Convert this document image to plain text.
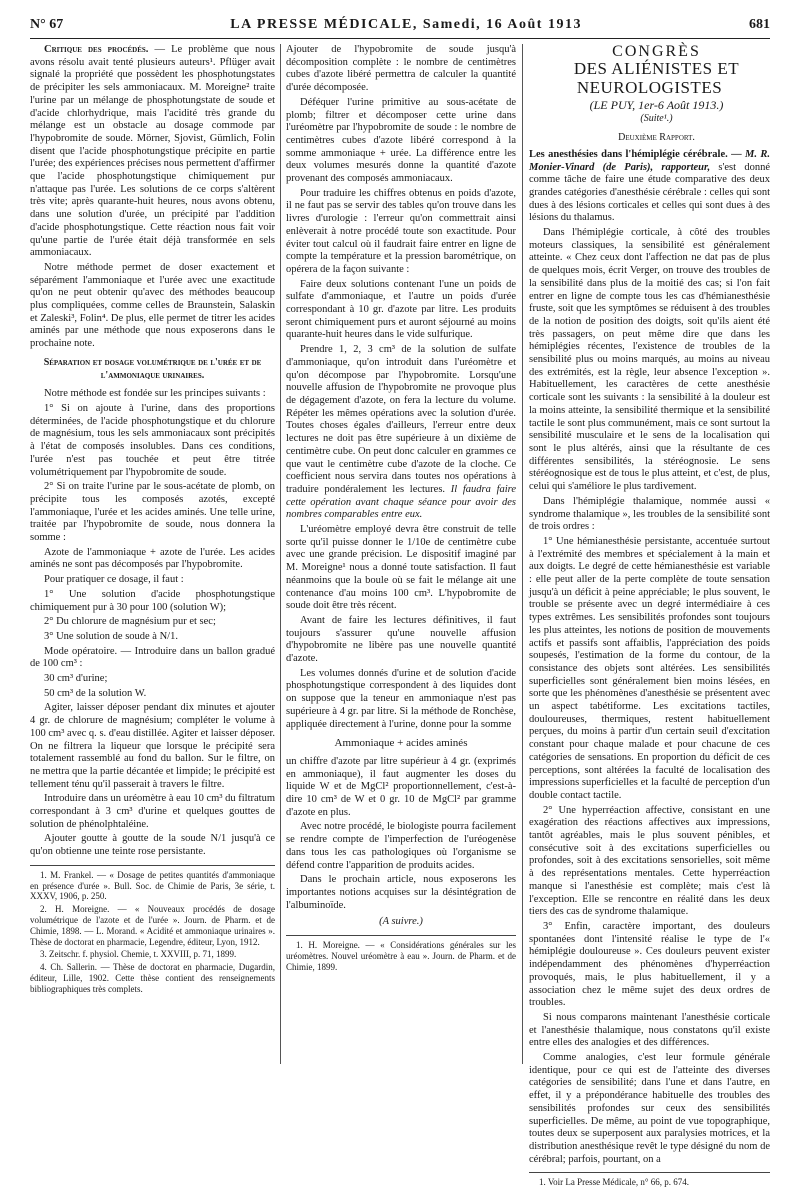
N° 67	LA PRESSE MÉDICALE, Samedi, 16 Août 1913	681

Critique des procédés. — Le problème que nous avons résolu avait tenté plusieurs auteurs¹. Pflüger avait signalé la propriété que possèdent les phosphotungstates de précipiter les sels ammoniacaux. M. Moreigne² traite l'urine par un mélange de phosphotungstate de soude et d'acide chlorhydrique, mais l'acidité très grande du mélange est un obstacle au dosage commode par l'hypobromite de soude. Mörner, Sjovist, Gümlich, Folin disent que l'acide phosphotungstique précipite en partie l'urée; des expériences précises nous permettent d'affirmer que l'acide phosphotungstique chimiquement pur n'attaque pas l'urée. Les solutions de ce corps s'altèrent très vite; après quarante-huit heures, nous avons obtenu, dans une solution d'urée, un précipité par l'addition d'acide phosphotungstique. Cette réaction nous fait voir qu'une partie de l'urée était déjà transformée en sels ammoniacaux.

Notre méthode permet de doser exactement et séparément l'ammoniaque et l'urée avec une exactitude qu'on ne peut obtenir qu'avec des méthodes beaucoup plus compliquées, comme celles de Braunstein, Salaskin et Zaleski³, Folin⁴. De plus, elle permet de titrer les acides aminés par une méthode que nous exposerons dans le prochaine note.

Séparation et dosage volumétrique de l'urée et de l'ammoniaque urinaires.

Notre méthode est fondée sur les principes suivants :

1° Si on ajoute à l'urine, dans des proportions déterminées, de l'acide phosphotungstique et du chlorure de magnésium, tous les sels ammoniacaux sont précipités à l'état de composés insolubles. Dans ces conditions, l'urée n'est pas touchée et peut être titrée volumétriquement par l'hypobromite de soude.

2° Si on traite l'urine par le sous-acétate de plomb, on précipite tous les composés azotés, excepté l'ammoniaque, l'urée et les acides aminés. Une telle urine, traitée par l'hypobromite de soude, nous donnera la somme :

Azote de l'ammoniaque + azote de l'urée. Les acides aminés ne sont pas décomposés par l'hypobromite.

Pour pratiquer ce dosage, il faut :

1° Une solution d'acide phosphotungstique chimiquement pur à 30 pour 100 (solution W);

2° Du chlorure de magnésium pur et sec;

3° Une solution de soude à N/1.

Mode opératoire. — Introduire dans un ballon gradué de 100 cm³ :

30 cm³ d'urine;

50 cm³ de la solution W.

Agiter, laisser déposer pendant dix minutes et ajouter 4 gr. de chlorure de magnésium; compléter le volume à 100 cm³ avec q. s. d'eau distillée. Agiter et laisser déposer. On ne filtrera la liqueur que lorsque le précipité sera totalement rassemblé au fond du ballon. Sur le filtre, on ne mettra que la partie décantée et limpide; le précipité est tellement ténu qu'il passerait à travers le filtre.

Introduire dans un uréomètre à eau 10 cm³ du filtratum correspondant à 3 cm³ d'urine et quelques gouttes de solution de phénolphtaléine.

Ajouter goutte à goutte de la soude N/1 jusqu'à ce qu'on obtienne une teinte rose persistante.

1. M. Frankel. — « Dosage de petites quantités d'ammoniaque en présence d'urée ». Bull. Soc. de Chimie de Paris, 3e série, t. XXXV, 1906, p. 250.

2. H. Moreigne. — « Nouveaux procédés de dosage volumétrique de l'azote et de l'urée ». Journ. de Pharm. et de Chimie, 1898. — L. Morand. « Acidité et ammoniaque urinaires ». Thèse de doctorat en pharmacie, Legendre, éditeur, Lyon, 1912.

3. Zeitschr. f. physiol. Chemie, t. XXVIII, p. 71, 1899.

4. Ch. Sallerin. — Thèse de doctorat en pharmacie, Dugardin, éditeur, Lille, 1902. Cette thèse contient des renseignements bibliographiques très complets.

Ajouter de l'hypobromite de soude jusqu'à décomposition complète : le nombre de centimètres cubes d'azote libéré permettra de calculer la quantité d'urée décomposée.

Déféquer l'urine primitive au sous-acétate de plomb; filtrer et décomposer cette urine dans l'uréomètre par l'hypobromite de soude : le nombre de centimètres cubes d'azote libéré correspond à la somme ammoniaque + urée. La différence entre les deux volumes mesurés donne la quantité d'azote provenant des composés ammoniacaux.

Pour traduire les chiffres obtenus en poids d'azote, il ne faut pas se servir des tables qu'on trouve dans les livres d'urologie : l'erreur qu'on commettrait ainsi enlèverait à notre procédé toute son exactitude. Pour éviter tout calcul où il faudrait faire entrer en ligne de compte la température et la pression barométrique, on opérera de la façon suivante :

Faire deux solutions contenant l'une un poids de sulfate d'ammoniaque, et l'autre un poids d'urée correspondant à 10 gr. d'azote par litre. Les produits seront chimiquement purs et auront séjourné au moins quarante-huit heures dans le vide sulfurique.

Prendre 1, 2, 3 cm³ de la solution de sulfate d'ammoniaque, qu'on introduit dans l'uréomètre et qu'on décompose par l'hypobromite. Lorsqu'une nouvelle affusion de l'hypobromite ne provoque plus de dégagement d'azote, on fera la lecture du volume. Répéter les mêmes opérations avec la solution d'urée. Toutes choses égales d'ailleurs, l'erreur entre deux lectures ne doit pas être supérieure à un dixième de centimètre cube. On peut donc calculer en grammes ce que vaut le centimètre cube d'azote de la cloche. Ce coefficient nous servira dans toutes nos opérations à traduire pondéralement les lectures. Il faudra faire cette opération avant chaque séance pour avoir des nombres comparables entre eux.

L'uréomètre employé devra être construit de telle sorte qu'il puisse donner le 1/10e de centimètre cube avec une grande précision. Le dispositif imaginé par M. Moreigne¹ nous a donné toute satisfaction. Il faut néanmoins que la boule où se fait le mélange ait une contenance d'au moins 100 cm³. L'hypobromite de soude doit être très récent.

Avant de faire les lectures définitives, il faut toujours s'assurer qu'une nouvelle affusion d'hypobromite ne libère pas une nouvelle quantité d'azote.

Les volumes donnés d'urine et de solution d'acide phosphotungstique correspondent à des liquides dont on suppose que la teneur en ammoniaque n'est pas supérieure à 4 gr. par litre. Si la méthode de Ronchèse, appliquée directement à l'urine, donne pour la somme

Ammoniaque + acides aminés

un chiffre d'azote par litre supérieur à 4 gr. (exprimés en ammoniaque), il faut augmenter les doses du liquide W et de MgCl² proportionnellement, c'est-à-dire 10 cm³ de W et 0 gr. 10 de MgCl² par gramme d'azote en plus.

Avec notre procédé, le biologiste pourra facilement se rendre compte de l'imperfection de l'uréogenèse dans tous les cas pathologiques où l'organisme se défend contre l'apparition de produits acides.

Dans le prochain article, nous exposerons les importantes notions acquises sur la désintégration de l'albuminoïde.

(A suivre.)

1. H. Moreigne. — « Considérations générales sur les uréomètres. Nouvel uréomètre à eau ». Journ. de Pharm. et de Chimie, 1899.

CONGRÈS

DES ALIÉNISTES ET NEUROLOGISTES

(LE PUY, 1er-6 Août 1913.)

(Suite¹.)

Deuxième Rapport.

Les anesthésies dans l'hémiplégie cérébrale. — M. R. Monier-Vinard (de Paris), rapporteur, s'est donné comme tâche de faire une étude comparative des deux grandes catégories d'anesthésie cérébrale : celles qui sont dues à des lésions corticales et celles qui sont dues à des lésions du thalamus.

Dans l'hémiplégie corticale, à côté des troubles moteurs classiques, la sensibilité est généralement atteinte. « Chez ceux dont l'affection ne dat pas de plus de quelques mois, écrit Verger, on trouve des troubles de la sensibilité dans plus de la moitié des cas; si l'on fait entrer en ligne de compte tous les cas d'hémianesthésie fruste, soit que les symptômes se réduisent à des troubles de la notion de position des doigts, soit qu'ils aient été très passagers, on peut même dire que dans les hémiplégies récentes, l'existence de troubles de la sensibilité plus ou moins marqués, au moins au niveau des extrémités, est la règle, leur absence l'exception ». Habituellement, les caractères de cette anesthésie corticale sont les suivants : la sensibilité à la douleur est la moins atteinte, la sensibilité thermique et la sensibilité tactile le sont plus communément, mais ce sont surtout la sensibilité musculaire et le sens de la localisation qui sont le plus altérés, ainsi que la résultante de ces différentes sensibilités, la stéréognosie. Le sens stéréognosique est de tous le plus atteint, et c'est, de plus, celui qui s'améliore le plus tardivement.

Dans l'hémiplégie thalamique, nommée aussi « syndrome thalamique », les troubles de la sensibilité sont de trois ordres :

1° Une hémianesthésie persistante, accentuée surtout à l'extrémité des membres et spécialement à la main et aux doigts. Le degré de cette hémianesthésie est variable : elle peut aller de la perte complète de toute sensation jusqu'à un déficit à peine appréciable; le plus souvent, le trouble se présente avec un degré intermédiaire à ces types extrêmes. Les sensibilités profondes sont toujours les plus atteintes, les notions de position de mouvements actifs et passifs sont affaiblis, l'appréciation des poids soupesés, l'estimation de la forme du contour, de la consistance des objets sont altérées. Les sensibilités superficielles sont généralement bien moins lésées, en sorte que les phénomènes d'anesthésie se présentent avec un aspect tabétiforme. Les excitations tactiles, douloureuses, thermiques, restent habituellement perçues, du moins à partir d'un certain seuil d'excitation constant pour chaque malade et pour chacune de ces catégories de sensations. En proportion du déficit de ces perceptions, sont altérées la faculté de localisation des impressions superficielles et la faculté de perception d'un double contact tactile.

2° Une hyperréaction affective, consistant en une exagération des réactions affectives aux impressions, tantôt agréables, mais le plus souvent pénibles, et consécutive soit à des excitations superficielles ou profondes, soit à des excitations sensorielles, soit même à des représentations mentales. Cette hyperréaction manque si l'anesthésie est complète; mais c'est là l'exception. Elle se rencontre en réalité dans les deux tiers des cas de syndrome thalamique.

3° Enfin, caractère important, des douleurs spontanées dont l'intensité réalise le type de l'« hémiplégie douloureuse ». Ces douleurs peuvent exister indépendamment des phénomènes d'hyperréaction provoqués, mais, le plus habituellement, il y a association chez le même sujet des deux ordres de troubles.

Si nous comparons maintenant l'anesthésie corticale et l'anesthésie thalamique, nous constatons qu'il existe entre elles des analogies et des différences.

Comme analogies, c'est leur formule générale identique, pour ce qui est de l'atteinte des diverses catégories de sensibilité; dans l'une et dans l'autre, en effet, il y a prépondérance habituelle des troubles des sensibilités profondes sur ceux des sensibilités superficielles. De même, au point de vue topographique, toutes deux se superposent aux paralysies motrices, et la distribution anesthésique revêt le type désigné du nom de cérébral; parfois, pourtant, on a

1. Voir La Presse Médicale, n° 66, p. 674.
